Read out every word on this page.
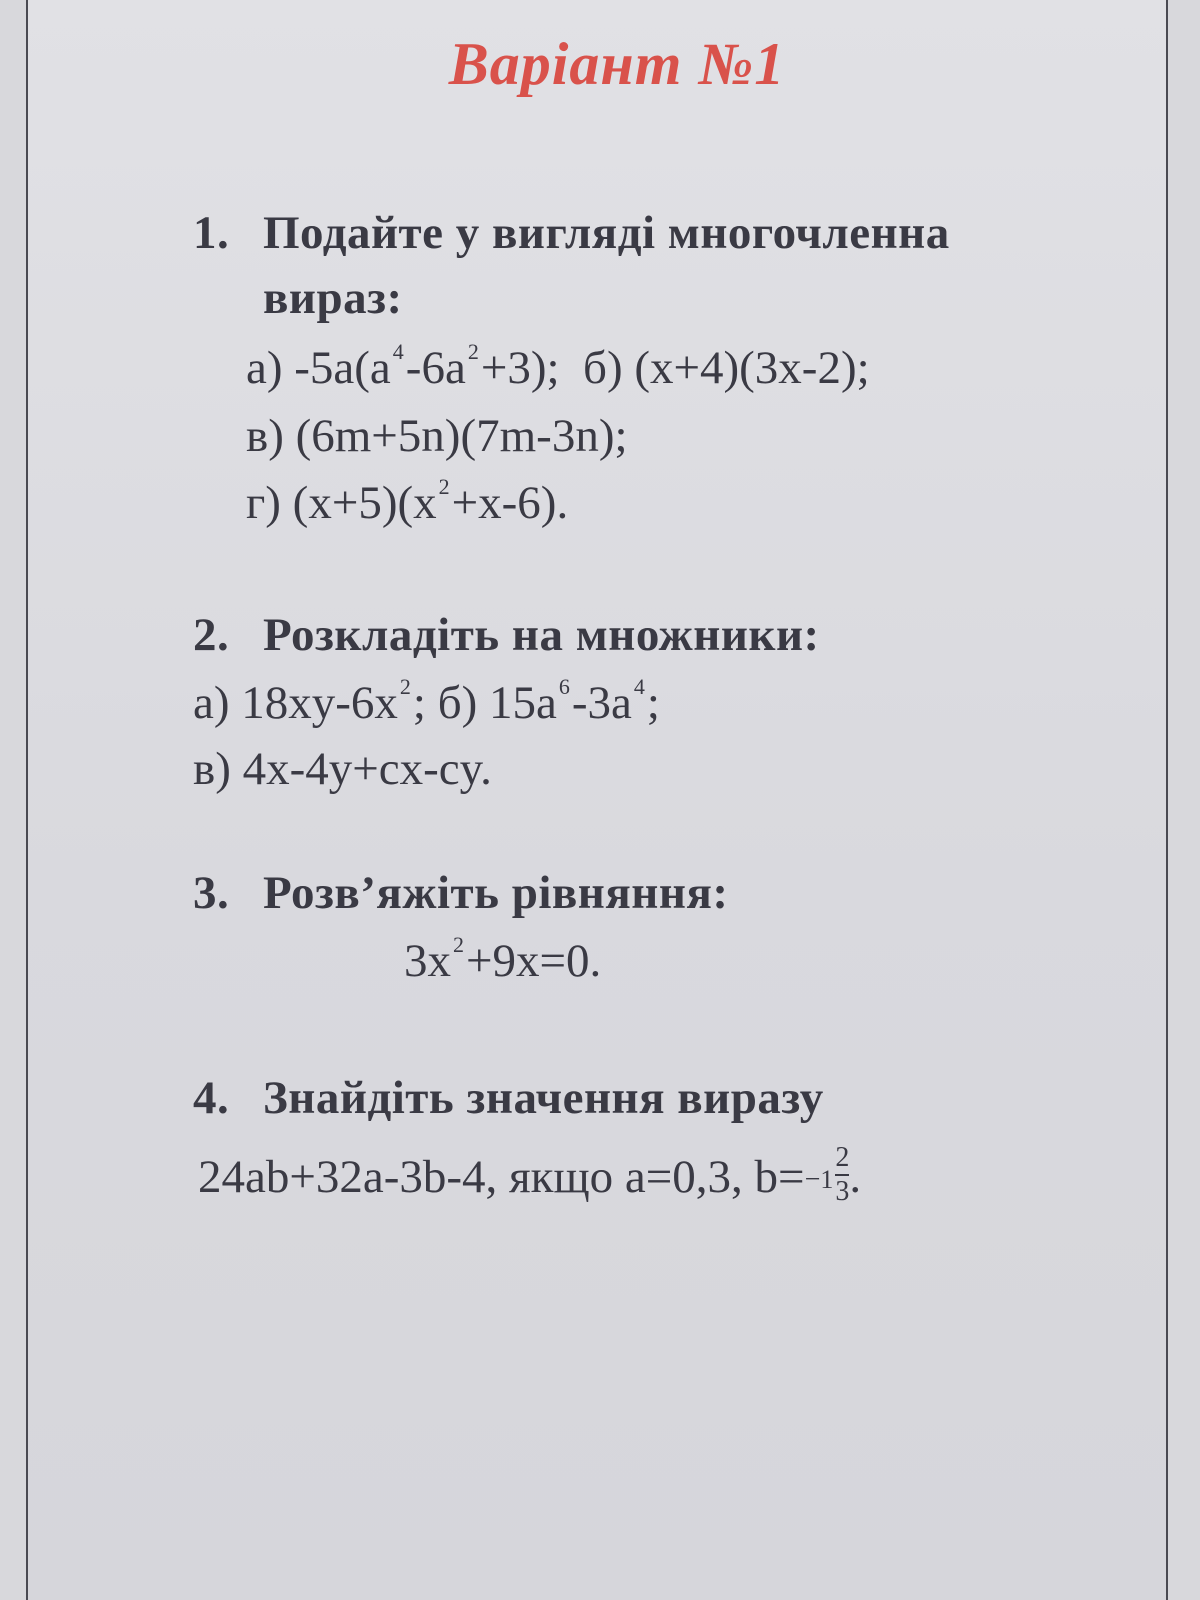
Варіант №1
1. Подайте у вигляді многочленна
вираз:
а) $-5a(a^4-6a^2+3)$;  б) (x+4)(3x-2);
в) (6m+5n)(7m-3n);
г) $(x+5)(x^2+x-6)$.
2. Розкладіть на множники:
а) $18xy-6x^2$; б) $15a^6-3a^4$;
в) 4x-4y+cx-cy.
3. Розв’яжіть рівняння:
$3x^2+9x=0$.
4. Знайдіть значення виразу
24ab+32a-3b-4, якщо a=0,3, $b=-1 \frac{2}{3}$ .
